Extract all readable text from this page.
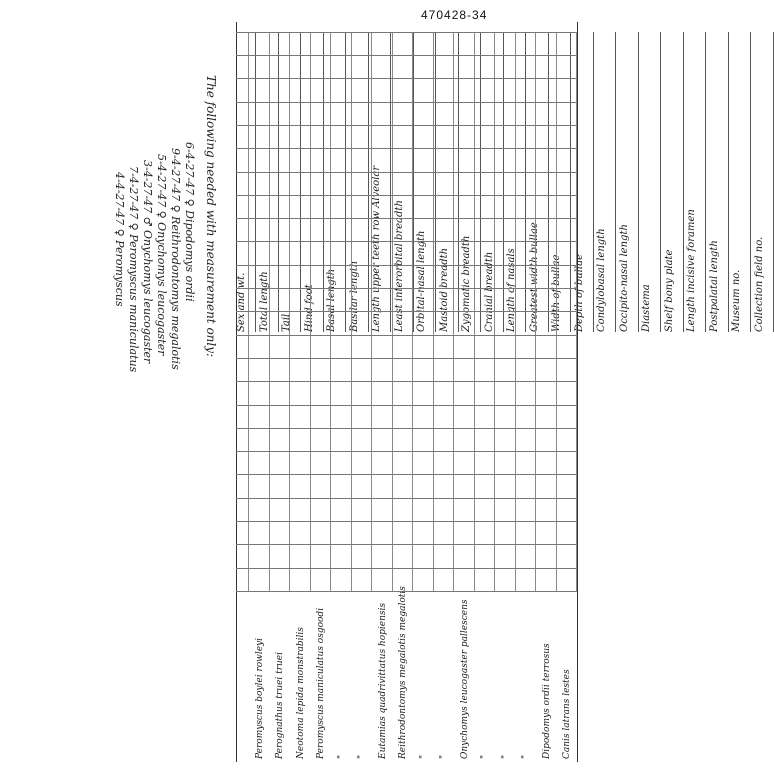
470428-34
Canis latrans lestes
Dipodomys ordii terrosus
"
"
"
Onychomys leucogaster pallescens
"
"
Reithrodontomys megalotis megalotis
Eutamias quadrivittatus hopiensis
"
"
Peromyscus maniculatus osgoodi
Neotoma lepida monstrabilis
Perognathus truei truei
Peromyscus boylei rowleyi
Sex and wt.	Total length	Tail	Hind foot	Basal length	Basilar length	Length upper teeth row Alveolar	Least interorbital breadth	Orbital-nasal length	Mastoid breadth	Zygomatic breadth	Cranial breadth	Length of nasals	Greatest width bullae	Width of bullae	Depth of bullae	Condylobasal length	Occipito-nasal length	Diastema	Shelf bony plate	Length incisive foramen	Postpalatal length	Museum no.	Collection field no.
The following needed with measurement only:
6-4-27-47 ♀ Dipodomys ordii
9-4-27-47 ♀ Reithrodontomys megalotis
5-4-27-47 ♀ Onychomys leucogaster
3-4-27-47 ♂ Onychomys leucogaster
7-4-27-47 ♀ Peromyscus maniculatus
4-4-27-47 ♀ Peromyscus
